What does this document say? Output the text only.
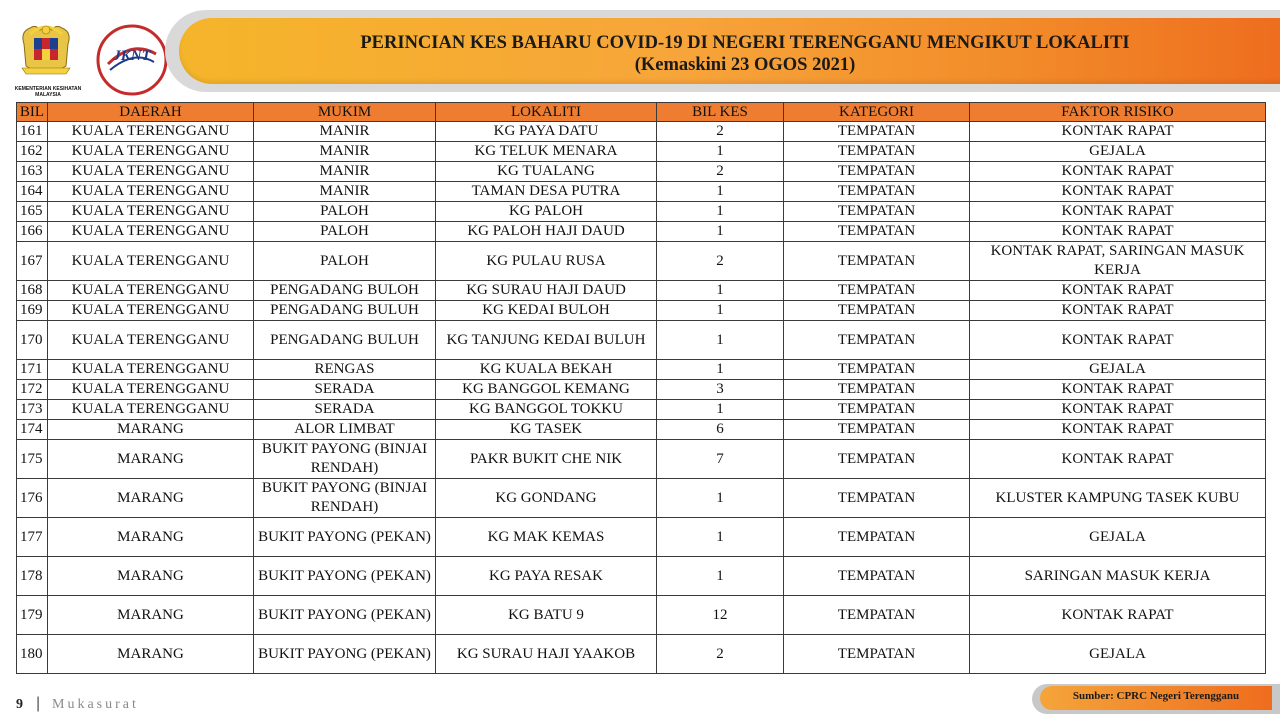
KEMENTERIAN KESIHATAN MALAYSIA
JKNT
PERINCIAN KES BAHARU COVID-19 DI NEGERI TERENGGANU MENGIKUT LOKALITI
(Kemaskini 23 OGOS 2021)
BIL	DAERAH	MUKIM	LOKALITI	BIL KES	KATEGORI	FAKTOR RISIKO
161	KUALA TERENGGANU	MANIR	KG PAYA DATU	2	TEMPATAN	KONTAK RAPAT
162	KUALA TERENGGANU	MANIR	KG TELUK MENARA	1	TEMPATAN	GEJALA
163	KUALA TERENGGANU	MANIR	KG TUALANG	2	TEMPATAN	KONTAK RAPAT
164	KUALA TERENGGANU	MANIR	TAMAN DESA PUTRA	1	TEMPATAN	KONTAK RAPAT
165	KUALA TERENGGANU	PALOH	KG PALOH	1	TEMPATAN	KONTAK RAPAT
166	KUALA TERENGGANU	PALOH	KG PALOH HAJI DAUD	1	TEMPATAN	KONTAK RAPAT
167	KUALA TERENGGANU	PALOH	KG PULAU RUSA	2	TEMPATAN	KONTAK RAPAT, SARINGAN MASUK KERJA
168	KUALA TERENGGANU	PENGADANG BULOH	KG SURAU HAJI DAUD	1	TEMPATAN	KONTAK RAPAT
169	KUALA TERENGGANU	PENGADANG BULUH	KG KEDAI BULOH	1	TEMPATAN	KONTAK RAPAT
170	KUALA TERENGGANU	PENGADANG BULUH	KG TANJUNG KEDAI BULUH	1	TEMPATAN	KONTAK RAPAT
171	KUALA TERENGGANU	RENGAS	KG KUALA BEKAH	1	TEMPATAN	GEJALA
172	KUALA TERENGGANU	SERADA	KG BANGGOL KEMANG	3	TEMPATAN	KONTAK RAPAT
173	KUALA TERENGGANU	SERADA	KG BANGGOL TOKKU	1	TEMPATAN	KONTAK RAPAT
174	MARANG	ALOR LIMBAT	KG TASEK	6	TEMPATAN	KONTAK RAPAT
175	MARANG	BUKIT PAYONG (BINJAI RENDAH)	PAKR BUKIT CHE NIK	7	TEMPATAN	KONTAK RAPAT
176	MARANG	BUKIT PAYONG (BINJAI RENDAH)	KG GONDANG	1	TEMPATAN	KLUSTER KAMPUNG TASEK KUBU
177	MARANG	BUKIT PAYONG (PEKAN)	KG MAK KEMAS	1	TEMPATAN	GEJALA
178	MARANG	BUKIT PAYONG (PEKAN)	KG PAYA RESAK	1	TEMPATAN	SARINGAN MASUK KERJA
179	MARANG	BUKIT PAYONG (PEKAN)	KG BATU 9	12	TEMPATAN	KONTAK RAPAT
180	MARANG	BUKIT PAYONG (PEKAN)	KG SURAU HAJI YAAKOB	2	TEMPATAN	GEJALA
9 | Mukasurat
Sumber: CPRC Negeri Terengganu
